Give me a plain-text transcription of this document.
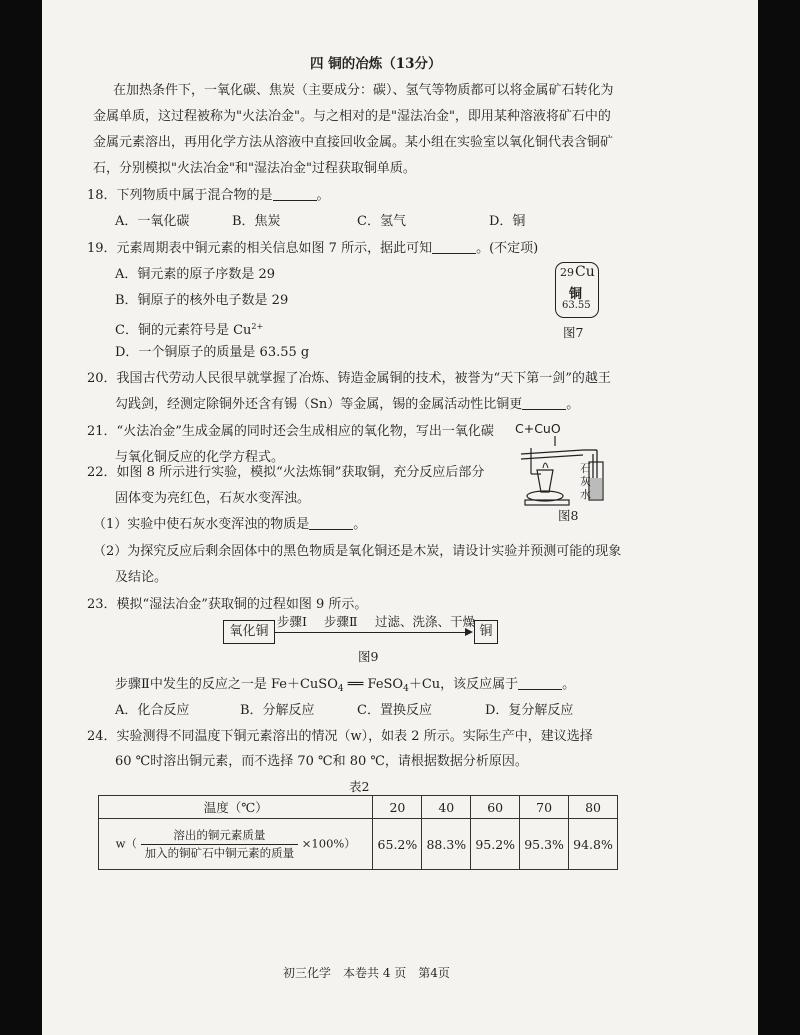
四 铜的冶炼（13分）
在加热条件下，一氧化碳、焦炭（主要成分：碳）、氢气等物质都可以将金属矿石转化为
金属单质，这过程被称为"火法冶金"。与之相对的是"湿法冶金"，即用某种溶液将矿石中的
金属元素溶出，再用化学方法从溶液中直接回收金属。某小组在实验室以氧化铜代表含铜矿
石，分别模拟"火法冶金"和"湿法冶金"过程获取铜单质。
18．下列物质中属于混合物的是	。
A．一氧化碳	B．焦炭	C．氢气	D．铜
19．元素周期表中铜元素的相关信息如图 7 所示，据此可知	。(不定项)
A．铜元素的原子序数是 29
B．铜原子的核外电子数是 29
C．铜的元素符号是 $Cu^{2+}$
D．一个铜原子的质量是 63.55 g
29 Cu
铜
63.55
图7
20．我国古代劳动人民很早就掌握了冶炼、铸造金属铜的技术，被誉为“天下第一剑”的越王
勾践剑，经测定除铜外还含有锡（Sn）等金属，锡的金属活动性比铜更	。
21．“火法冶金”生成金属的同时还会生成相应的氧化物，写出一氧化碳
与氧化铜反应的化学方程式。
C+CuO
石
灰
水
图8
22．如图 8 所示进行实验，模拟“火法炼铜”获取铜，充分反应后部分
固体变为亮红色，石灰水变浑浊。
（1）实验中使石灰水变浑浊的物质是	。
（2）为探究反应后剩余固体中的黑色物质是氧化铜还是木炭，请设计实验并预测可能的现象
及结论。
23．模拟“湿法冶金”获取铜的过程如图 9 所示。
氧化铜
步骤Ⅰ 步骤Ⅱ 过滤、洗涤、干燥
铜
图9
步骤Ⅱ中发生的反应之一是 Fe＋CuSO$_4$ ══ FeSO$_4$＋Cu，该反应属于	。
A．化合反应	B．分解反应	C．置换反应	D．复分解反应
24．实验测得不同温度下铜元素溶出的情况（w），如表 2 所示。实际生产中，建议选择
60 ℃时溶出铜元素，而不选择 70 ℃和 80 ℃，请根据数据分析原因。
表2
温度（℃）	20	40	60	70	80
$w( \frac{\text{溶出的铜元素质量}}{\text{加入的铜矿石中铜元素的质量}} \times 100\%)$	65.2%	88.3%	95.2%	95.3%	94.8%
初三化学　本卷共 4 页　第4页
